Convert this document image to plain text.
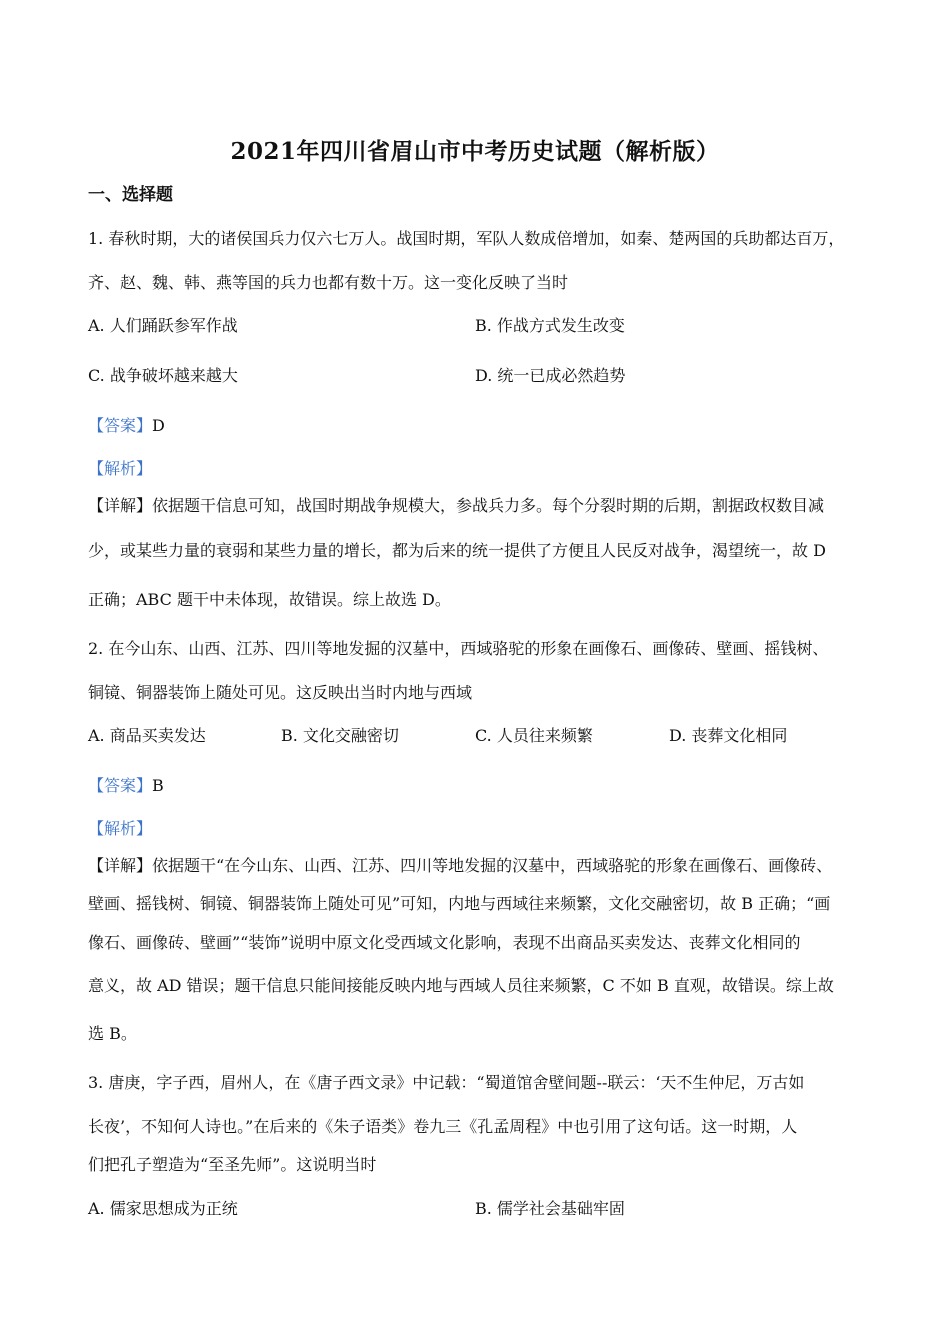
2021年四川省眉山市中考历史试题（解析版）
一、选择题
1. 春秋时期，大的诸侯国兵力仅六七万人。战国时期，军队人数成倍增加，如秦、楚两国的兵助都达百万，
齐、赵、魏、韩、燕等国的兵力也都有数十万。这一变化反映了当时
A. 人们踊跃参军作战	B. 作战方式发生改变
C. 战争破坏越来越大	D. 统一已成必然趋势
【答案】D
【解析】
【详解】依据题干信息可知，战国时期战争规模大，参战兵力多。每个分裂时期的后期，割据政权数目减
少，或某些力量的衰弱和某些力量的增长，都为后来的统一提供了方便且人民反对战争，渴望统一，故 D
正确；ABC 题干中未体现，故错误。综上故选 D。
2. 在今山东、山西、江苏、四川等地发掘的汉墓中，西域骆驼的形象在画像石、画像砖、壁画、摇钱树、
铜镜、铜器装饰上随处可见。这反映出当时内地与西域
A. 商品买卖发达	B. 文化交融密切	C. 人员往来频繁	D. 丧葬文化相同
【答案】B
【解析】
【详解】依据题干“在今山东、山西、江苏、四川等地发掘的汉墓中，西域骆驼的形象在画像石、画像砖、
壁画、摇钱树、铜镜、铜器装饰上随处可见”可知，内地与西域往来频繁，文化交融密切，故 B 正确；“画
像石、画像砖、壁画”“装饰”说明中原文化受西域文化影响，表现不出商品买卖发达、丧葬文化相同的
意义，故 AD 错误；题干信息只能间接能反映内地与西域人员往来频繁，C 不如 B 直观，故错误。综上故
选 B。
3. 唐庚，字子西，眉州人，在《唐子西文录》中记载：“蜀道馆舍壁间题--联云：‘天不生仲尼，万古如
长夜’，不知何人诗也。”在后来的《朱子语类》卷九三《孔孟周程》中也引用了这句话。这一时期，人
们把孔子塑造为“至圣先师”。这说明当时
A. 儒家思想成为正统	B. 儒学社会基础牢固
